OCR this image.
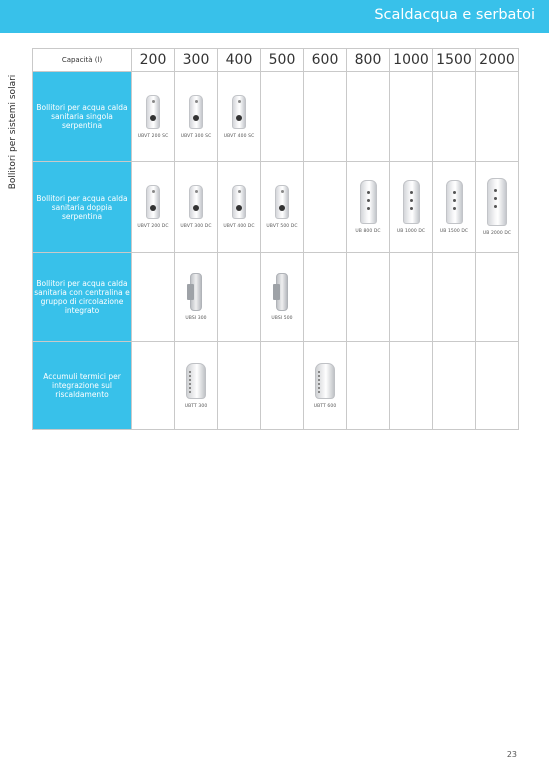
Scaldacqua e serbatoi
Bollitori per sistemi solari
Capacità (l)	200	300	400	500	600	800	1000	1500	2000
Bollitori per acqua calda sanitaria singola serpentina	UBVT 200 SC	UBVT 300 SC	UBVT 400 SC						

Bollitori per acqua calda sanitaria doppia serpentina	UBVT 200 DC	UBVT 300 DC	UBVT 400 DC	UBVT 500 DC		UB 800 DC	UB 1000 DC	UB 1500 DC	UB 2000 DC

Bollitori per acqua calda sanitaria con centralina e gruppo di circolazione integrato		UBSI 300		UBSI 500					

Accumuli termici per integrazione sul riscaldamento		UBTT 300			UBTT 600				

23
